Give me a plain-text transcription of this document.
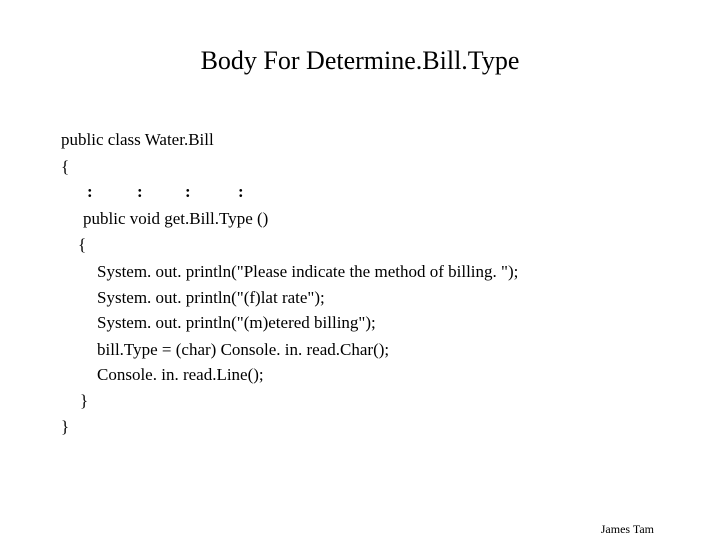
Body For Determine.Bill.Type
public class Water.Bill
{
:	: :	:
public void get.Bill.Type ()
{
System. out. println("Please indicate the method of billing. ");
System. out. println("(f)lat rate");
System. out. println("(m)etered billing");
bill.Type = (char) Console. in. read.Char();
Console. in. read.Line();
}
}
James Tam
